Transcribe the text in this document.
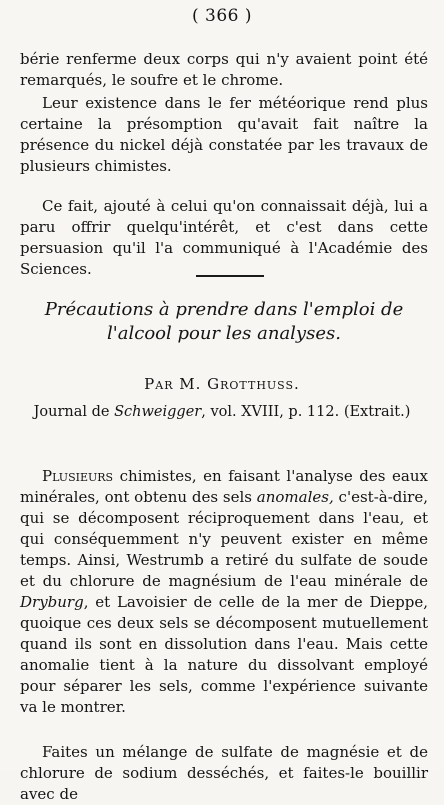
( 366 )

bérie renferme deux corps qui n'y avaient point été remarqués, le soufre et le chrome.

Leur existence dans le fer météorique rend plus certaine la présomption qu'avait fait naître la présence du nickel déjà constatée par les travaux de plusieurs chimistes.

Ce fait, ajouté à celui qu'on connaissait déjà, lui a paru offrir quelqu'intérêt, et c'est dans cette persuasion qu'il l'a communiqué à l'Académie des Sciences.

Précautions à prendre dans l'emploi de l'alcool pour les analyses.
Par M. Grotthuss.
Journal de Schweigger, vol. XVIII, p. 112. (Extrait.)

Plusieurs chimistes, en faisant l'analyse des eaux minérales, ont obtenu des sels anomales, c'est-à-dire, qui se décomposent réciproquement dans l'eau, et qui conséquemment n'y peuvent exister en même temps. Ainsi, Westrumb a retiré du sulfate de soude et du chlorure de magnésium de l'eau minérale de Dryburg, et Lavoisier de celle de la mer de Dieppe, quoique ces deux sels se décomposent mutuellement quand ils sont en dissolution dans l'eau. Mais cette anomalie tient à la nature du dissolvant employé pour séparer les sels, comme l'expérience suivante va le montrer.

Faites un mélange de sulfate de magnésie et de chlorure de sodium desséchés, et faites-le bouillir avec de
